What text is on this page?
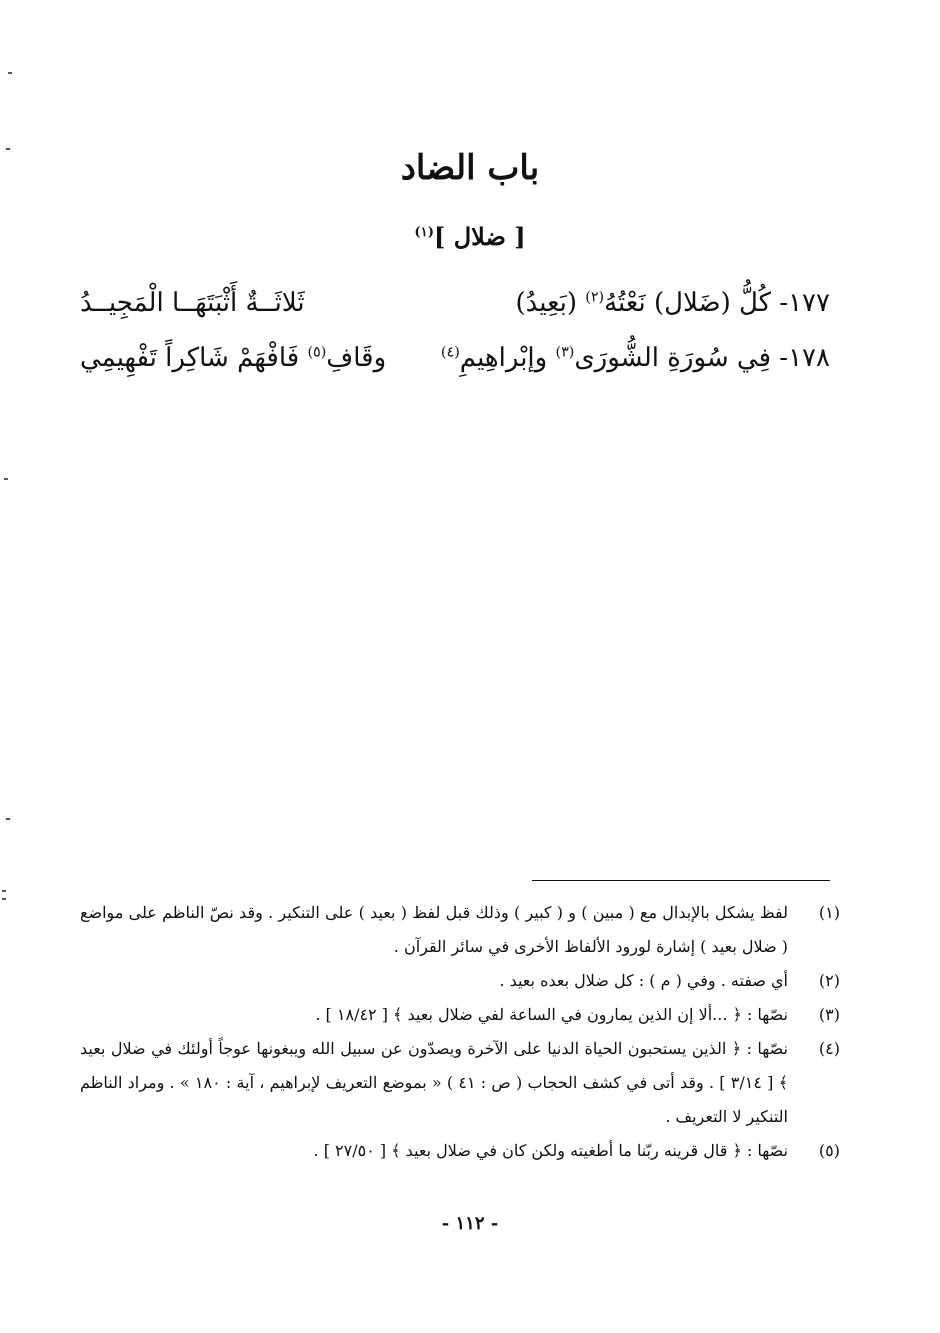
باب الضاد
[ ضلال ]$^{(١)}$
١٧٧- كُلُّ (ضَلال) نَعْتُهُ$^{(٢)}$ (بَعِيدُ)
ثَلاثَــةٌ أَثْبَتَهَــا الْمَجِيــدُ
١٧٨- فِي سُورَةِ الشُّورَى$^{(٣)}$ وإبْراهِيمِ$^{(٤)}$
وقَافِ$^{(٥)}$ فَافْهَمْ شَاكِراً تَفْهِيمِي
(١)
لفظ يشكل بالإبدال مع ( مبين ) و ( كبير ) وذلك قبل لفظ ( بعيد ) على التنكير . وقد نصّ الناظم على مواضع ( ضلال بعيد ) إشارة لورود الألفاظ الأخرى في سائر القرآن .
(٢)
أي صفته . وفي ( م ) : كل ضلال بعده بعيد .
(٣)
نصّها : ﴿ ...ألا إن الذين يمارون في الساعة لفي ضلال بعيد ﴾ [ ١٨/٤٢ ] .
(٤)
نصّها : ﴿ الذين يستحبون الحياة الدنيا على الآخرة ويصدّون عن سبيل الله ويبغونها عوجاً أولئك في ضلال بعيد ﴾ [ ٣/١٤ ] . وقد أتى في كشف الحجاب ( ص : ٤١ ) « بموضع التعريف لإبراهيم ، آية : ١٨٠ » . ومراد الناظم التنكير لا التعريف .
(٥)
نصّها : ﴿ قال قرينه ربّنا ما أطغيته ولكن كان في ضلال بعيد ﴾ [ ٢٧/٥٠ ] .
- ١١٢ -
